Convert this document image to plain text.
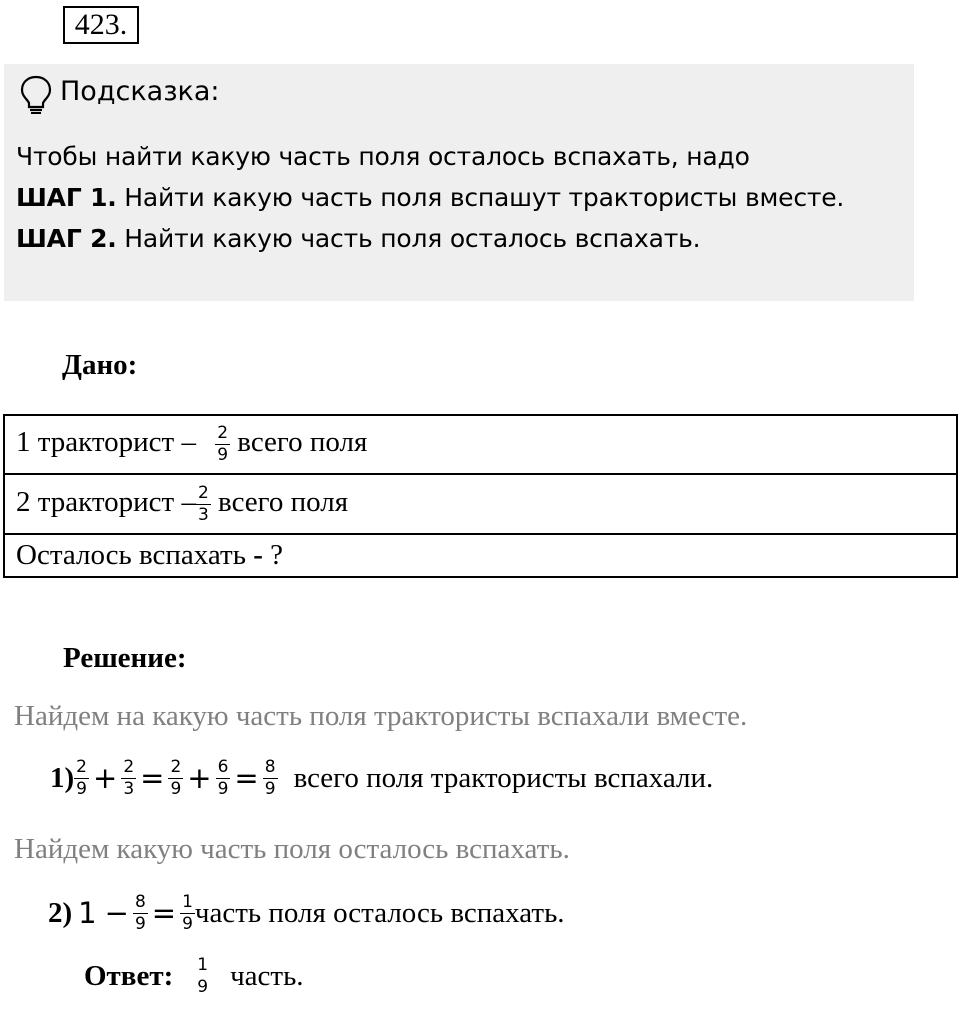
423.
Подсказка:
Чтобы найти какую часть поля осталось вспахать, надо
ШАГ 1. Найти какую часть поля вспашут трактористы вместе.
ШАГ 2. Найти какую часть поля осталось вспахать.
Дано:
1 тракторист – $\frac{2}{9}$ всего поля
2 тракторист – $\frac{2}{3}$ всего поля
Осталось вспахать - ?
Решение:
Найдем на какую часть поля трактористы вспахали вместе.
$1) \frac{2}{9} + \frac{2}{3} = \frac{2}{9} + \frac{6}{9} = \frac{8}{9}$ всего поля трактористы вспахали.
Найдем какую часть поля осталось вспахать.
2) $1 - \frac{8}{9} = \frac{1}{9}$ часть поля осталось вспахать.
Ответ: 1
9 часть.
